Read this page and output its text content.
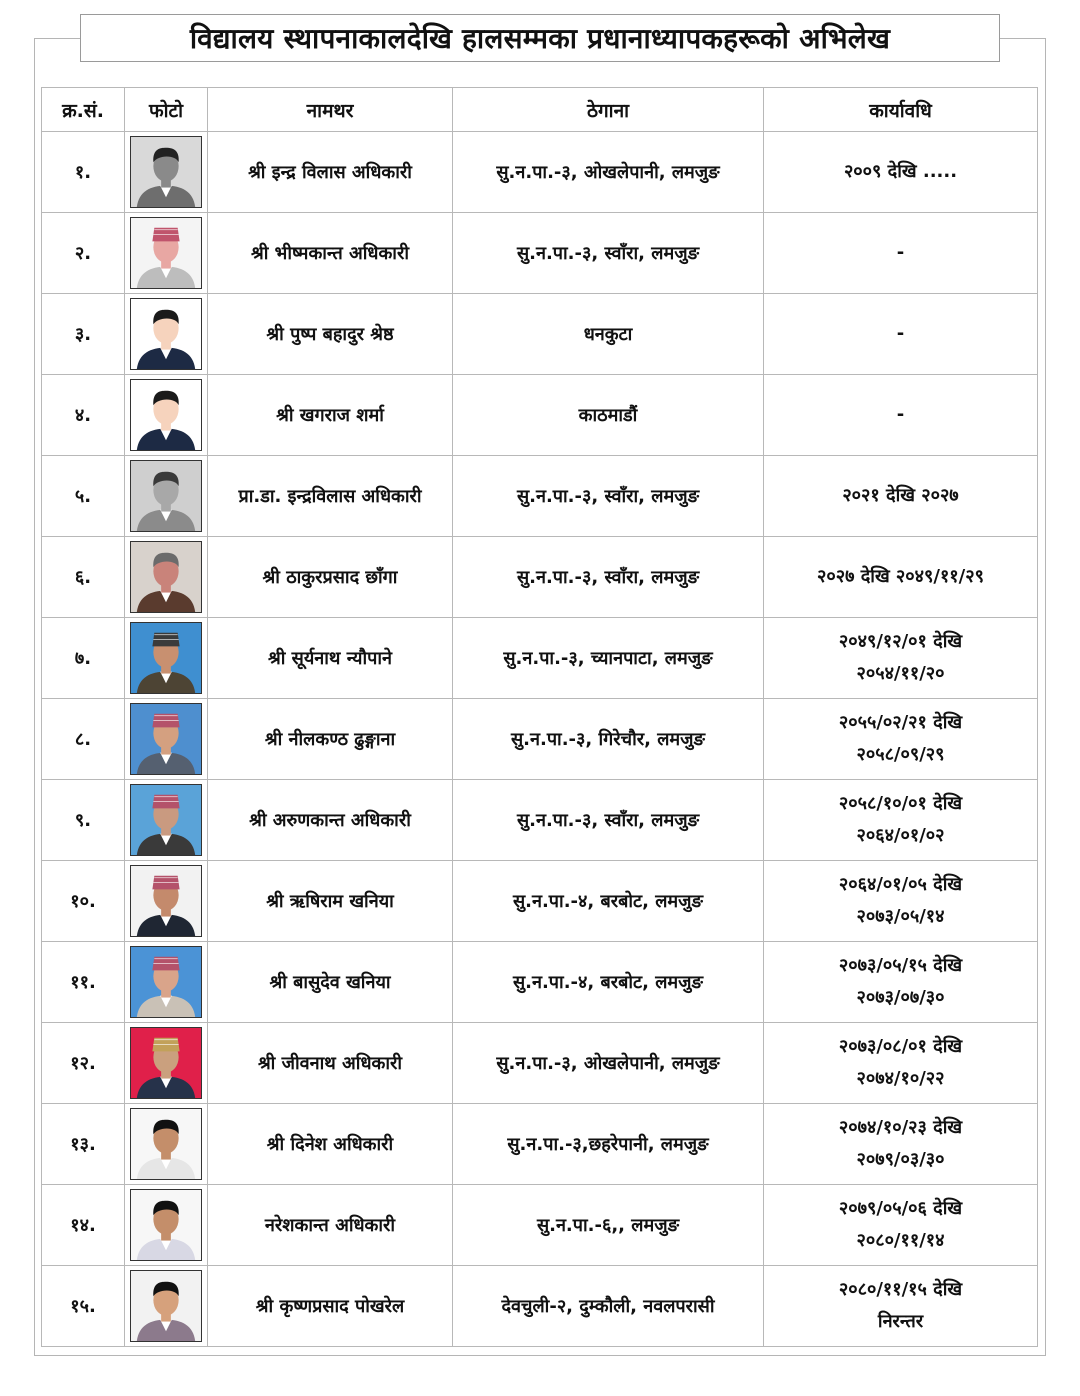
विद्यालय स्थापनाकालदेखि हालसम्मका प्रधानाध्यापकहरूको अभिलेख
क्र.सं.	फोटो	नामथर	ठेगाना	कार्यावधि
१.		श्री इन्द्र विलास अधिकारी	सु.न.पा.-३, ओखलेपानी, लमजुङ	२००९ देखि .....

२.		श्री भीष्मकान्त अधिकारी	सु.न.पा.-३, स्वाँरा, लमजुङ	-

३.		श्री पुष्प बहादुर श्रेष्ठ	धनकुटा	-

४.		श्री खगराज शर्मा	काठमाडौं	-

५.		प्रा.डा. इन्द्रविलास अधिकारी	सु.न.पा.-३, स्वाँरा, लमजुङ	२०२१ देखि २०२७

६.		श्री ठाकुरप्रसाद छाँगा	सु.न.पा.-३, स्वाँरा, लमजुङ	२०२७ देखि २०४९/११/२९

७.		श्री सूर्यनाथ न्यौपाने	सु.न.पा.-३, च्यानपाटा, लमजुङ	२०४९/१२/०१ देखि
२०५४/११/२०

८.		श्री नीलकण्ठ ढुङ्गाना	सु.न.पा.-३, गिरेचौर, लमजुङ	२०५५/०२/२१ देखि
२०५८/०९/२९

९.		श्री अरुणकान्त अधिकारी	सु.न.पा.-३, स्वाँरा, लमजुङ	२०५८/१०/०१ देखि
२०६४/०१/०२

१०.		श्री ऋषिराम खनिया	सु.न.पा.-४, बरबोट, लमजुङ	२०६४/०१/०५ देखि
२०७३/०५/१४

११.		श्री बासुदेव खनिया	सु.न.पा.-४, बरबोट, लमजुङ	२०७३/०५/१५ देखि
२०७३/०७/३०

१२.		श्री जीवनाथ अधिकारी	सु.न.पा.-३, ओखलेपानी, लमजुङ	२०७३/०८/०१ देखि
२०७४/१०/२२

१३.		श्री दिनेश अधिकारी	सु.न.पा.-३,छहरेपानी, लमजुङ	२०७४/१०/२३ देखि
२०७९/०३/३०

१४.		नरेशकान्त अधिकारी	सु.न.पा.-६,, लमजुङ	२०७९/०५/०६ देखि
२०८०/११/१४

१५.		श्री कृष्णप्रसाद पोखरेल	देवचुली-२, दुम्कौली, नवलपरासी	२०८०/११/१५ देखि
निरन्तर
